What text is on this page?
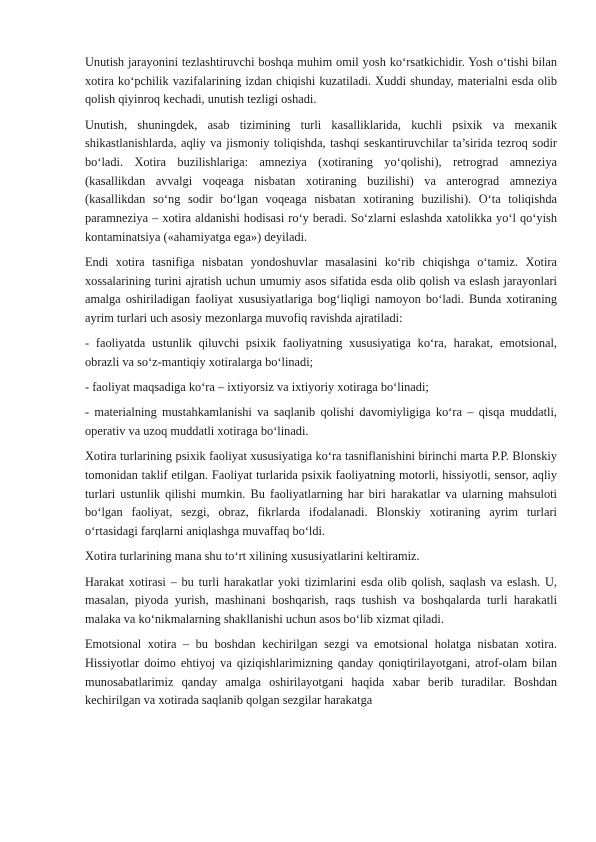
Unutish jarayonini tezlashtiruvchi boshqa muhim omil yosh ko‘rsatkichidir. Yosh o‘tishi bilan xotira ko‘pchilik vazifalarining izdan chiqishi kuzatiladi. Xuddi shunday, materialni esda olib qolish qiyinroq kechadi, unutish tezligi oshadi.

Unutish, shuningdek, asab tizimining turli kasalliklarida, kuchli psixik va mexanik shikastlanishlarda, aqliy va jismoniy toliqishda, tashqi seskantiruvchilar ta’sirida tezroq sodir bo‘ladi. Xotira buzilishlariga: amneziya (xotiraning yo‘qolishi), retrograd amneziya (kasallikdan avvalgi voqeaga nisbatan xotiraning buzilishi) va anterograd amneziya (kasallikdan so‘ng sodir bo‘lgan voqeaga nisbatan xotiraning buzilishi). O‘ta toliqishda paramneziya – xotira aldanishi hodisasi ro‘y beradi. So‘zlarni eslashda xatolikka yo‘l qo‘yish kontaminatsiya («ahamiyatga ega») deyiladi.

Endi xotira tasnifiga nisbatan yondoshuvlar masalasini ko‘rib chiqishga o‘tamiz. Xotira xossalarining turini ajratish uchun umumiy asos sifatida esda olib qolish va eslash jarayonlari amalga oshiriladigan faoliyat xususiyatlariga bog‘liqligi namoyon bo‘ladi. Bunda xotiraning ayrim turlari uch asosiy mezonlarga muvofiq ravishda ajratiladi:

- faoliyatda ustunlik qiluvchi psixik faoliyatning xususiyatiga ko‘ra, harakat, emotsional, obrazli va so‘z-mantiqiy xotiralarga bo‘linadi;

- faoliyat maqsadiga ko‘ra – ixtiyorsiz va ixtiyoriy xotiraga bo‘linadi;

- materialning mustahkamlanishi va saqlanib qolishi davomiyligiga ko‘ra – qisqa muddatli, operativ va uzoq muddatli xotiraga bo‘linadi.

Xotira turlarining psixik faoliyat xususiyatiga ko‘ra tasniflanishini birinchi marta P.P. Blonskiy tomonidan taklif etilgan. Faoliyat turlarida psixik faoliyatning motorli, hissiyotli, sensor, aqliy turlari ustunlik qilishi mumkin. Bu faoliyatlarning har biri harakatlar va ularning mahsuloti bo‘lgan faoliyat, sezgi, obraz, fikrlarda ifodalanadi. Blonskiy xotiraning ayrim turlari o‘rtasidagi farqlarni aniqlashga muvaffaq bo‘ldi.

Xotira turlarining mana shu to‘rt xilining xususiyatlarini keltiramiz.

Harakat xotirasi – bu turli harakatlar yoki tizimlarini esda olib qolish, saqlash va eslash. U, masalan, piyoda yurish, mashinani boshqarish, raqs tushish va boshqalarda turli harakatli malaka va ko‘nikmalarning shakllanishi uchun asos bo‘lib xizmat qiladi.

Emotsional xotira – bu boshdan kechirilgan sezgi va emotsional holatga nisbatan xotira. Hissiyotlar doimo ehtiyoj va qiziqishlarimizning qanday qoniqtirilayotgani, atrof-olam bilan munosabatlarimiz qanday amalga oshirilayotgani haqida xabar berib turadilar. Boshdan kechirilgan va xotirada saqlanib qolgan sezgilar harakatga
